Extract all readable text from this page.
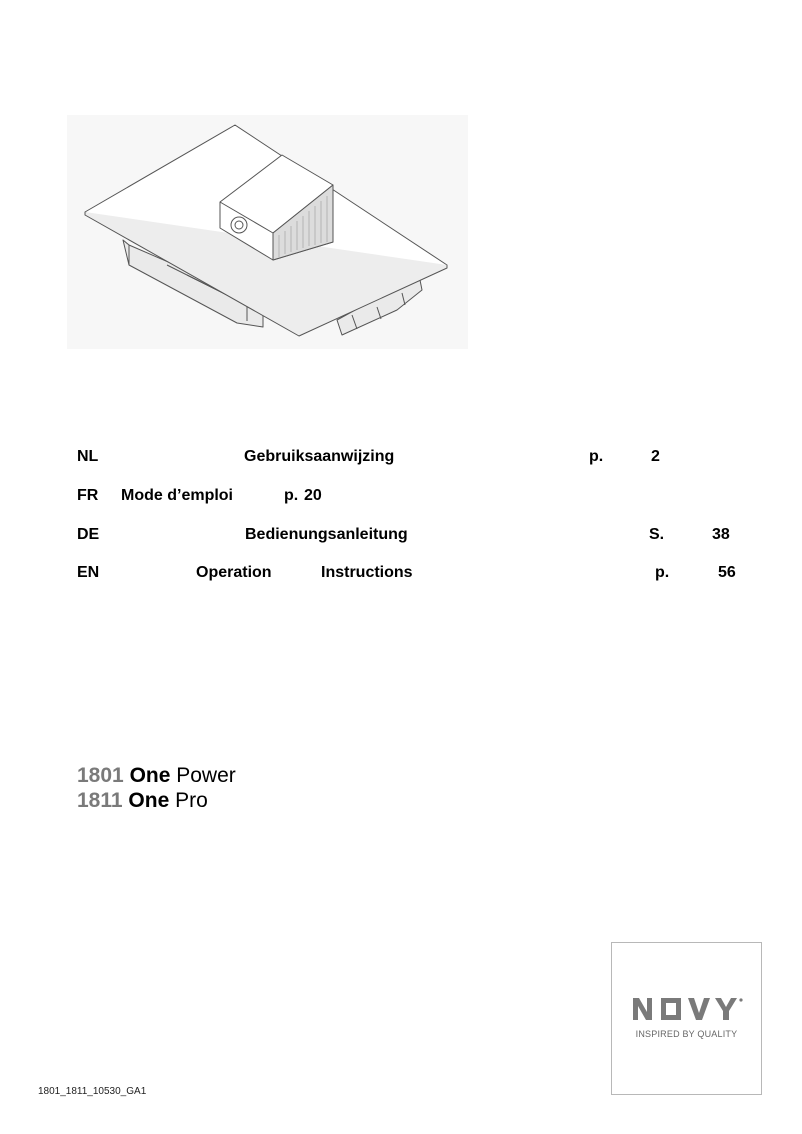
NL	Gebruiksaanwijzing	p.	2
FR Mode d’emploi	p. 20
DE	Bedienungsanleitung	S.	38
EN	Operation	Instructions	p.	56
1801 One Power
1811 One Pro
INSPIRED BY QUALITY
1801_1811_10530_GA1
